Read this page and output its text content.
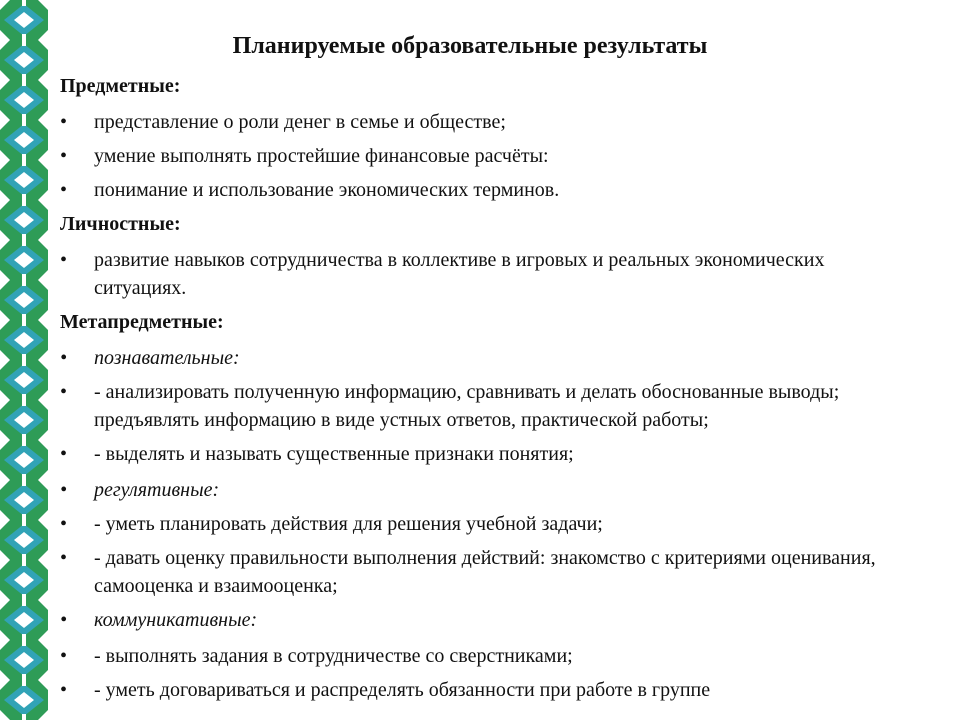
Планируемые образовательные результаты
Предметные:
•	представление о роли денег в семье и обществе;
•	умение выполнять простейшие финансовые расчёты:
•	понимание и использование экономических терминов.
Личностные:
•	развитие навыков сотрудничества в коллективе в игровых и реальных экономических ситуациях.
Метапредметные:
•	познавательные:
•	- анализировать полученную информацию, сравнивать и делать обоснованные выводы; предъявлять информацию в виде устных ответов, практической работы;
•	- выделять и называть существенные признаки понятия;
•	регулятивные:
•	- уметь планировать действия для решения учебной задачи;
•	- давать оценку правильности выполнения действий: знакомство с критериями оценивания, самооценка и взаимооценка;
•	коммуникативные:
•	- выполнять задания в сотрудничестве со сверстниками;
•	- уметь договариваться и распределять обязанности при работе в группе
